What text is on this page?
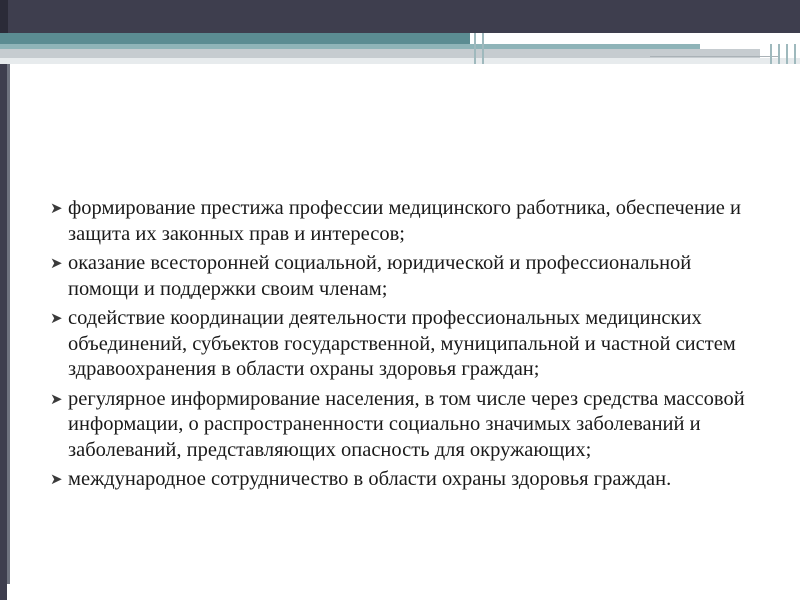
➤ формирование престижа профессии медицинского работника, обеспечение и защита их законных прав и интересов;
➤ оказание всесторонней социальной, юридической и профессиональной помощи и поддержки своим членам;
➤ содействие координации деятельности профессиональных медицинских объединений, субъектов государственной, муниципальной и частной систем здравоохранения в области охраны здоровья граждан;
➤ регулярное информирование населения, в том числе через средства массовой информации, о распространенности социально значимых заболеваний и заболеваний, представляющих опасность для окружающих;
➤ международное сотрудничество в области охраны здоровья граждан.
